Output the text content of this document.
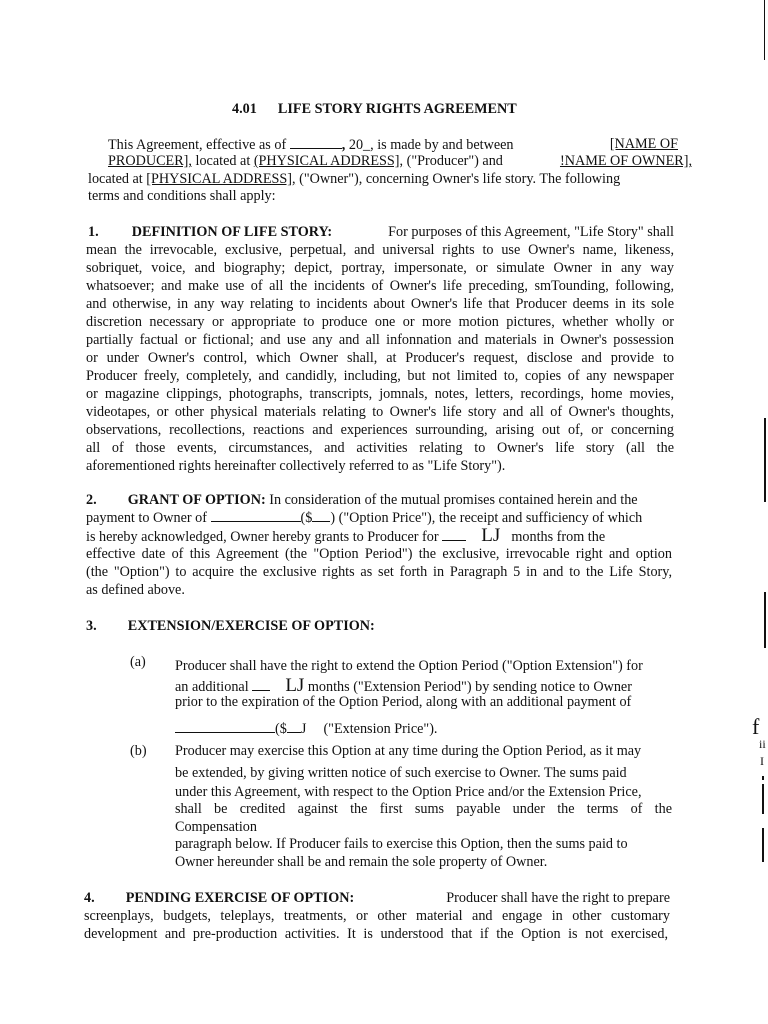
4.01 LIFE STORY RIGHTS AGREEMENT
This Agreement, effective as of	, 20_, is made by and between	[NAME OF
PRODUCER], located at (PHYSICAL ADDRESS], ("Producer") and	!NAME OF OWNER],
located at [PHYSICAL ADDRESS], ("Owner"), concerning Owner's life story. The following
terms and conditions shall apply:
1. DEFINITION OF LIFE STORY:	For purposes of this Agreement, "Life Story" shall
mean the irrevocable, exclusive, perpetual, and universal rights to use Owner's name, likeness,
sobriquet, voice, and biography; depict, portray, impersonate, or simulate Owner in any way
whatsoever; and make use of all the incidents of Owner's life preceding, smTounding, following,
and otherwise, in any way relating to incidents about Owner's life that Producer deems in its sole
discretion necessary or appropriate to produce one or more motion pictures, whether wholly or
partially factual or fictional; and use any and all infonnation and materials in Owner's possession
or under Owner's control, which Owner shall, at Producer's request, disclose and provide to
Producer freely, completely, and candidly, including, but not limited to, copies of any newspaper
or magazine clippings, photographs, transcripts, jomnals, notes, letters, recordings, home movies,
videotapes, or other physical materials relating to Owner's life story and all of Owner's thoughts,
observations, recollections, reactions and experiences surrounding, arising out of, or concerning
all of those events, circumstances, and activities relating to Owner's life story (all the
aforementioned rights hereinafter collectively referred to as "Life Story").
2. GRANT OF OPTION: In consideration of the mutual promises contained herein and the
payment to Owner of	($ ) ("Option Price"), the receipt and sufficiency of which
is hereby acknowledged, Owner hereby grants to Producer for LJ months from the
effective date of this Agreement (the "Option Period") the exclusive, irrevocable right and option
(the "Option") to acquire the exclusive rights as set forth in Paragraph 5 in and to the Life Story,
as defined above.
3. EXTENSION/EXERCISE OF OPTION:
(a) Producer shall have the right to extend the Option Period ("Option Extension") for
an additional LJ months ("Extension Period") by sending notice to Owner
prior to the expiration of the Option Period, along with an additional payment of
($ J ("Extension Price").
(b) Producer may exercise this Option at any time during the Option Period, as it may
be extended, by giving written notice of such exercise to Owner. The sums paid
under this Agreement, with respect to the Option Price and/or the Extension Price,
shall be credited against the first sums payable under the terms of the
Compensation
paragraph below. If Producer fails to exercise this Option, then the sums paid to
Owner hereunder shall be and remain the sole property of Owner.
4. PENDING EXERCISE OF OPTION:	Producer shall have the right to prepare
screenplays, budgets, teleplays, treatments, or other material and engage in other customary
development and pre-production activities. It is understood that if the Option is not exercised,
f
ii
I
